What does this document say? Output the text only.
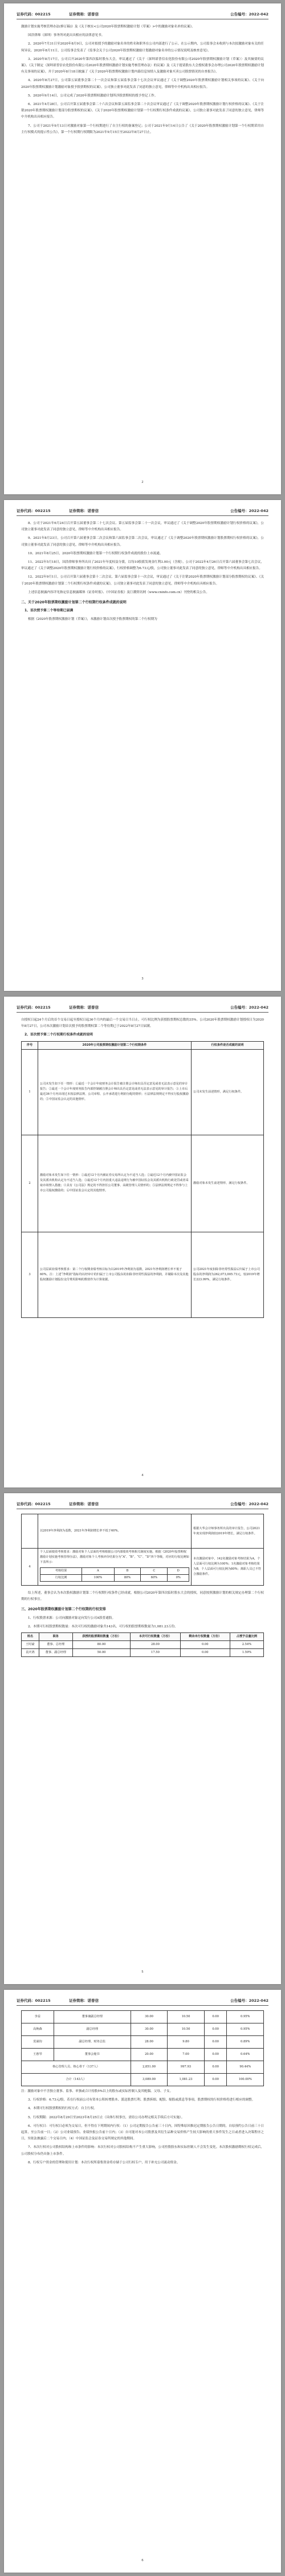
证券代码：002215	证券简称：诺普信	公告编号：2022-042

激励计划实施考核管理办法(修订稿)》及《关于核实<公司2020年股票期权激励计划（草案）>中的激励对象名单的议案》。

国浩律师（深圳）事务所对此出具相应的法律意见书。

2、2020年7月31日至2020年8月9日，公司对拟授予的激励对象名单的姓名和职务在公司内部进行了公示。在公示期内，公司监事会未收到与本次拟激励对象有关的任何异议。2020年8月11日，公司监事会发表了《监事会关于公司2020年股票期权激励计划激励对象名单的公示情况说明及核查意见》。

3、2020年8月17日，公司召开2020年第四次临时股东大会，审议通过了《关于〈深圳诺普信农化股份有限公司2020年股票期权激励计划（草案）〉及其摘要的议案》、《关于制定〈深圳诺普信农化股份有限公司2020年股票期权激励计划实施考核管理办法〉的议案》及《关于提请股东大会授权董事会办理公司2020年股票期权激励计划有关事项的议案》，并于2020年8月18日披露了《关于2020年股票期权激励计划内幕信息知情人及激励对象买卖公司股票情况的自查报告》。

4、2020年8月27日，公司第五届董事会第二十一次会议和第五届监事会第十七次会议审议通过了《关于调整2020年股票期权激励计划相关事项的议案》、《关于向2020年股票期权激励计划激励对象授予股票期权的议案》。公司独立董事对此发表了同意的独立意见，律师等中介机构出具相应报告。

5、2020年9月14日，公司完成了2020年股票期权激励计划所涉股票期权的授予登记工作。

6、2021年4月28日，公司召开第五届董事会第二十六次会议和第五届监事会第二十次会议审议通过了《关于调整2020年股票期权激励计划行权价格的议案》、《关于注销2020年股票期权激励计划部分股票期权的议案》、《关于2020年股票期权激励计划第一个行权期行权条件成就的议案》，公司独立董事对此发表了同意的独立意见，律师等中介机构出具相应报告。

7、公司于2021年9月13日对激励对象第一个行权期进行了自主行权的备案登记；公司于2021年9月14日公告了《关于2020年股票期权激励计划第一个行权期采用自主行权模式的提示性公告》，第一个行权期行权期限为2021年9月15日至2022年8月27日止。

2
证券代码：002215	证券简称：诺普信	公告编号：2022-042

8、公司于2021年6月24日召开第五届董事会第二十七次会议、第五届监事会第二十一次会议，审议通过了《关于调整2020年股票期权激励计划行权价格的议案》，公司独立董事对此发表了同意的独立意见，律师等中介机构出具相应报告。

9、2021年8月23日，公司召开第六届董事会第二次会议和第六届监事会第二次会议，审议通过了《关于调整2020年股票期权激励计划股票期权行权价格的议案》，公司独立董事对此发表了同意的独立意见，律师等中介机构出具相应报告。

10、2021年8月25日，2020年股票期权激励计划第一个行权期行权条件成就的股份上市流通。

11、2022年5月18日，国浩律师事务所出具了2021年年度权益分派，以每10股派发现金红利3.00元（含税），公司于2022年4月26日召开第六届董事会第七次会议，审议通过了《关于调整2020年股票期权激励计划行权价格的议案》，行权价格调整为6.73元/股，公司独立董事对此发表了同意的独立意见，律师等中介机构出具相应报告。

12、2022年9月1日，公司召开第六届董事会第十二次会议、第六届监事会第十一次会议，审议通过了《关于注销2020年股票期权激励计划部分股票期权的议案》、《关于2020年股票期权激励计划第二个行权期行权条件成就的议案》，公司独立董事对此发表了同意的独立意见，律师等中介机构出具相应报告。

上述信息披露内容详见指定信息披露媒体《证券时报》、《中国证券报》及巨潮资讯网（www.cninfo.com.cn）刊登的相关公告。

二、关于2020年股票期权激励计划第二个行权期行权条件成就的说明
1、首次授予第二个等待期已届满

根据《2020年股票期权激励计划（草案）》，本激励计划首次授予股票期权的第二个行权期为

3
证券代码：002215	证券简称：诺普信	公告编号：2022-042

自授权日起24个月后的首个交易日起至授权日起36个月内的最后一个交易日当日止，可行权比例为获授股票期权总数的35%。公司2020年股票期权激励计划授权日为2020年8月27日，公司本次激励计划首次授予的股票期权第二个等待期已于2022年8月27日届满。

2、首次授予第二个行权期行权条件成就的说明
序号	2020年公司股票期权激励计划第二个行权期条件	行权条件是否成就的说明
1	公司未发生如下任一情形：①最近一个会计年度财务会计报告被注册会计师出具否定意见或者无法表示意见的审计报告；②最近一个会计年度财务报告内部控制被注册会计师出具否定意见或者无法表示意见的审计报告；③上市后最近36个月内出现过未按法律法规、公司章程、公开承诺进行利润分配的情形；④法律法规规定不得实行股权激励的；⑤中国证监会认定的其他情形。	公司未发生前述情形，满足行权条件。
2	激励对象未发生如下任一情形：①最近12个月内被证券交易所认定为不适当人选；②最近12个月内被中国证监会及其派出机构认定为不适当人选；③最近12个月内因重大违法违规行为被中国证监会及其派出机构行政处罚或者采取市场禁入措施；④具有《公司法》规定的不得担任公司董事、高级管理人员情形的；⑤法律法规规定不得参与上市公司股权激励的；⑥中国证监会认定的其他情形。	激励对象未发生前述情形，满足行权条件。
3	公司层面业绩考核要求：第二个行权期业绩考核目标为以2019年净利润为基数，2021年净利润增长率不低于60%。注：上述“净利润”指标均以经审计的归属于上市公司股东的扣除非经常性损益的净利润，并剔除本次及其他股权激励计划股份支付费用影响的数值作为计算依据。	公司2021年度扣除非经常性损益后归属于上市公司股东的净利润为262,073,005.73元，较2019年增长223.99%，满足行权条件。
4
证券代码：002215	证券简称：诺普信	公告编号：2022-042
	以2019年净利润为基数，2021年净利润增长率不低于60%。	根据大华会计师事务所出具的审计报告，公司2021年度实现净利润较2019年增长，满足行权条件。
4	
个人层面绩效考核要求：激励对象个人层面的考核根据公司内部绩效考核相关制度实施。根据《2020年股票期权激励计划实施考核管理办法》，激励对象个人考核评价结果分为“A”、“B”、“C”、“D”四个等级，对应的行权比例如下表所示：
考核结果	A	B	C	D
行权比例	100%	80%	60%	0%
	本次激励对象中，142名激励对象考核结果为A，个人层面可行权比例为100%；1名激励对象考核结果为B，个人层面可行权比例为80%；离职人员已不符合激励条件。

综上所述，董事会认为本次股权激励计划第二个行权期行权条件已经成就，根据公司2020年第四次临时股东大会的授权，同意按照激励计划的相关规定办理第二个行权期的行权事宜。

三、2020年股票期权激励计划第二个行权期的行权安排

1、行权股票来源：公司向激励对象定向发行公司A股普通股。

2、本期可行权股票期权数量：本次可行权的激励对象共143名，可行权的股票期权数量为1,081.23万份。

姓名	职务	获授的股票期权数量（万份）	本次可行权数量（万份）	剩余未行权数量（万份）	占授予总量比例
王时豪	董事、总经理	80.00	28.00	0.00	2.54%
袁庆鸿	董事、副总经理	50.00	17.50	0.00	1.59%
5
证券代码：002215	证券简称：诺普信	公告编号：2022-042
李益	董事兼副总经理	30.00	10.50	0.00	0.95%
高焕森	副总经理	30.00	10.50	0.00	0.95%
莫谋钧	副总经理、财务总监	28.00	9.80	0.00	0.89%
王惠琴	董事会秘书	20.00	7.00	0.00	0.64%
核心管理人员、核心骨干（137人）		2,851.00	997.93	0.00	90.44%
合计（143人）		3,089.00	1,081.23	0.00	100.00%

注：激励对象中不含独立董事、监事、单独或合计持股5%以上的股东或实际控制人及其配偶、父母、子女。

3、行权价格：6.73元/股。若在行权前公司有资本公积转增股本、派送股票红利、股票拆细、配股、缩股或派息等事项，股票期权的行权价格将进行相应的调整。

4、本期可行权股票期权的行权方式：自主行权。

5、行权期限：2022年8月29日至2023年8月25日止（具体行权事宜，需待公司办理完相关手续后方可实施）。

6、可行权日：可行权日必须为交易日，但不得在下列期间内行权：（1）公司定期报告公告前三十日内，因特殊原因推迟定期报告公告日期的，自原预约公告日前三十日起算，至公告前一日；（2）公司业绩预告、业绩快报公告前十日内；（3）自可能对本公司股票及其衍生品种交易价格产生较大影响的重大事件发生之日或者进入决策程序之日，至依法披露后二个交易日内；（4）中国证监会及证券交易所规定的其他期间。

7、本次行权对公司股权结构和上市条件的影响：本次行权对公司股权结构不产生重大影响，公司控股股东和实际控制人不会发生变化。本次股权激励期权行权完成后，公司股权分布仍具备上市条件。

8、行权专户资金的管理和使用计划：本次行权所募集资金将存储于公司行权专户，用于补充公司流动资金。

6
